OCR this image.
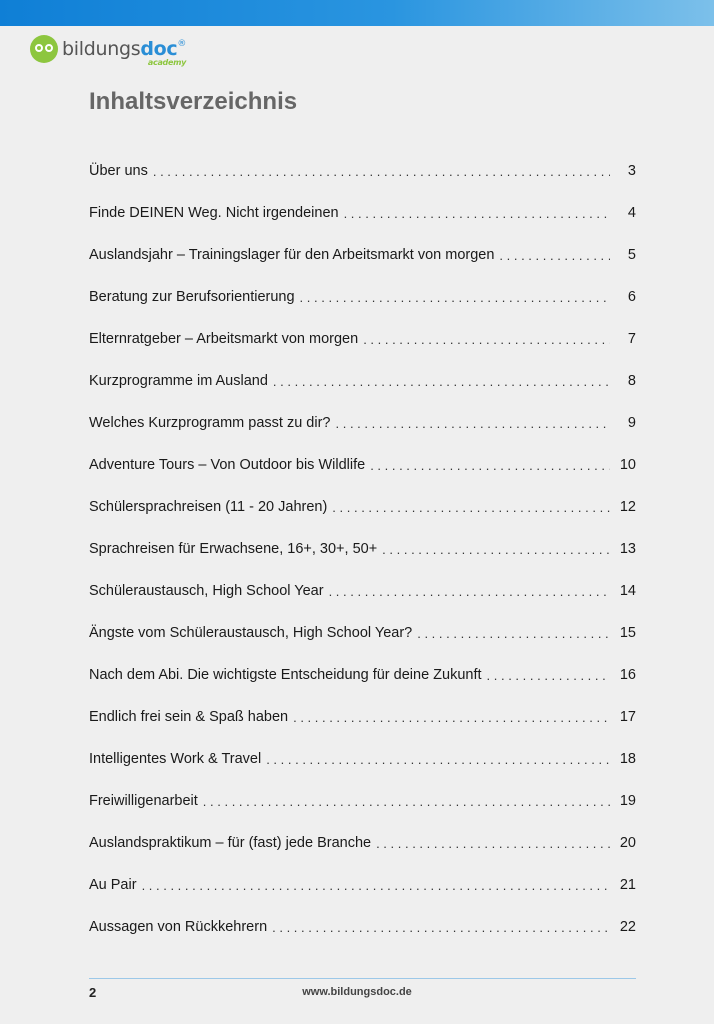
bildungsdoc®
academy
Inhaltsverzeichnis
Über uns . . .	3
Finde DEINEN Weg. Nicht irgendeinen . . .	4
Auslandsjahr – Trainingslager für den Arbeitsmarkt von morgen . . .	5
Beratung zur Berufsorientierung . . .	6
Elternratgeber – Arbeitsmarkt von morgen . . .	7
Kurzprogramme im Ausland . . .	8
Welches Kurzprogramm passt zu dir? . . .	9
Adventure Tours – Von Outdoor bis Wildlife . . .	10
Schülersprachreisen (11 - 20 Jahren) . . .	12
Sprachreisen für Erwachsene, 16+, 30+, 50+ . . .	13
Schüleraustausch, High School Year . . .	14
Ängste vom Schüleraustausch, High School Year? . . .	15
Nach dem Abi. Die wichtigste Entscheidung für deine Zukunft . . .	16
Endlich frei sein & Spaß haben . . .	17
Intelligentes Work & Travel . . .	18
Freiwilligenarbeit . . .	19
Auslandspraktikum – für (fast) jede Branche . . .	20
Au Pair . . .	21
Aussagen von Rückkehrern . . .	22
2	www.bildungsdoc.de
